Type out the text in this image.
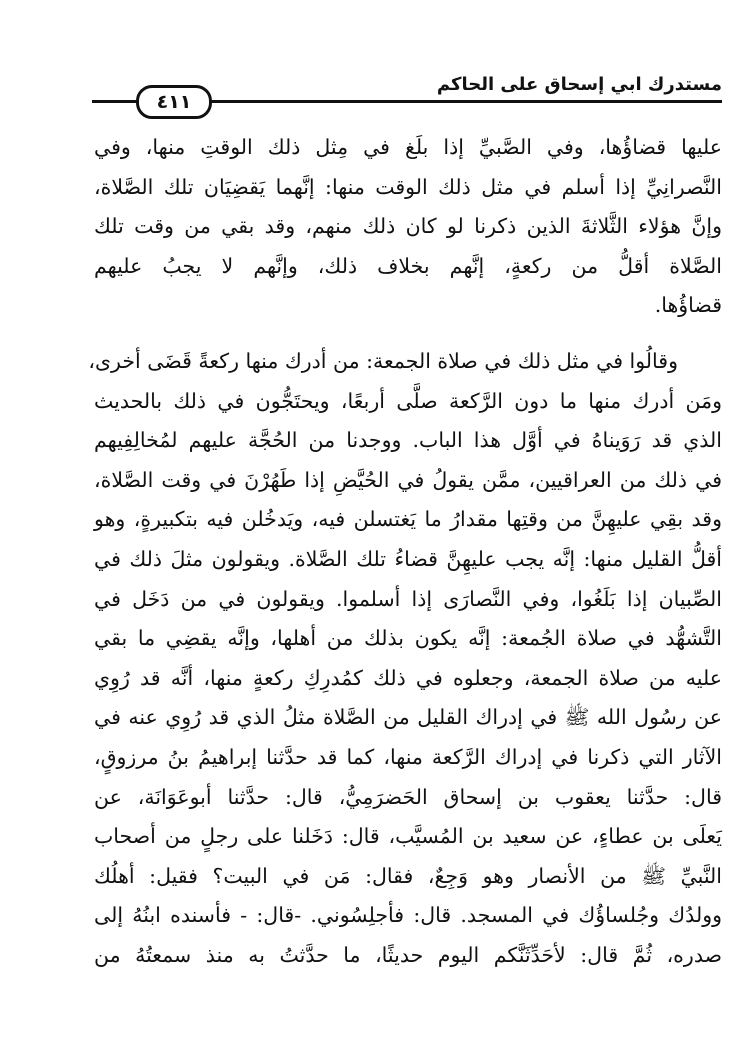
مستدرك ابي إسحاق على الحاكم
٤١١
عليها قضاؤُها، وفي الصَّبيِّ إذا بلَغ في مِثل ذلك الوقتِ منها، وفي
النَّصرانِيِّ إذا أسلم في مثل ذلك الوقت منها: إنَّهما يَقضِيَان تلك الصَّلاة،
وإنَّ هؤلاء الثَّلاثةَ الذين ذكرنا لو كان ذلك منهم، وقد بقي من وقت تلك
الصَّلاة أقلُّ من ركعةٍ، إنَّهم بخلاف ذلك، وإنَّهم لا يجبُ عليهم
قضاؤُها.
وقالُوا في مثل ذلك في صلاة الجمعة: من أدرك منها ركعةً قَضَى أخرى،
ومَن أدرك منها ما دون الرَّكعة صلَّى أربعًا، ويحتَجُّون في ذلك بالحديث
الذي قد رَوَيناهُ في أوَّل هذا الباب. ووجدنا من الحُجَّة عليهم لمُخالِفِيهم
في ذلك من العراقيين، ممَّن يقولُ في الحُيَّضِ إذا طَهُرْنَ في وقت الصَّلاة،
وقد بقِي عليهِنَّ من وقتِها مقدارُ ما يَغتسلن فيه، ويَدخُلن فيه بتكبيرةٍ، وهو
أقلُّ القليل منها: إنَّه يجب عليهِنَّ قضاءُ تلك الصَّلاة. ويقولون مثلَ ذلك في
الصِّبيان إذا بَلَغُوا، وفي النَّصارَى إذا أسلموا. ويقولون في من دَخَل في
التَّشهُّد في صلاة الجُمعة: إنَّه يكون بذلك من أهلها، وإنَّه يقضِي ما بقي
عليه من صلاة الجمعة، وجعلوه في ذلك كمُدرِكِ ركعةٍ منها، أنَّه قد رُوِي
عن رسُول الله ﷺ في إدراك القليل من الصَّلاة مثلُ الذي قد رُوِي عنه في
الآثار التي ذكرنا في إدراك الرَّكعة منها، كما قد حدَّثنا إبراهيمُ بنُ مرزوقٍ،
قال: حدَّثنا يعقوب بن إسحاق الحَضرَمِيُّ، قال: حدَّثنا أبوعَوَانَة، عن
يَعلَى بن عطاءٍ، عن سعيد بن المُسيَّب، قال: دَخَلنا على رجلٍ من أصحاب
النَّبيِّ ﷺ من الأنصار وهو وَجِعٌ، فقال: مَن في البيت؟ فقيل: أهلُك
وولدُك وجُلساؤُك في المسجد. قال: فأجلِسُوني. -قال: - فأسنده ابنُهُ إلى
صدره، ثُمَّ قال: لأحَدِّثَنَّكم اليوم حديثًا، ما حدَّثتُ به منذ سمعتُهُ من
